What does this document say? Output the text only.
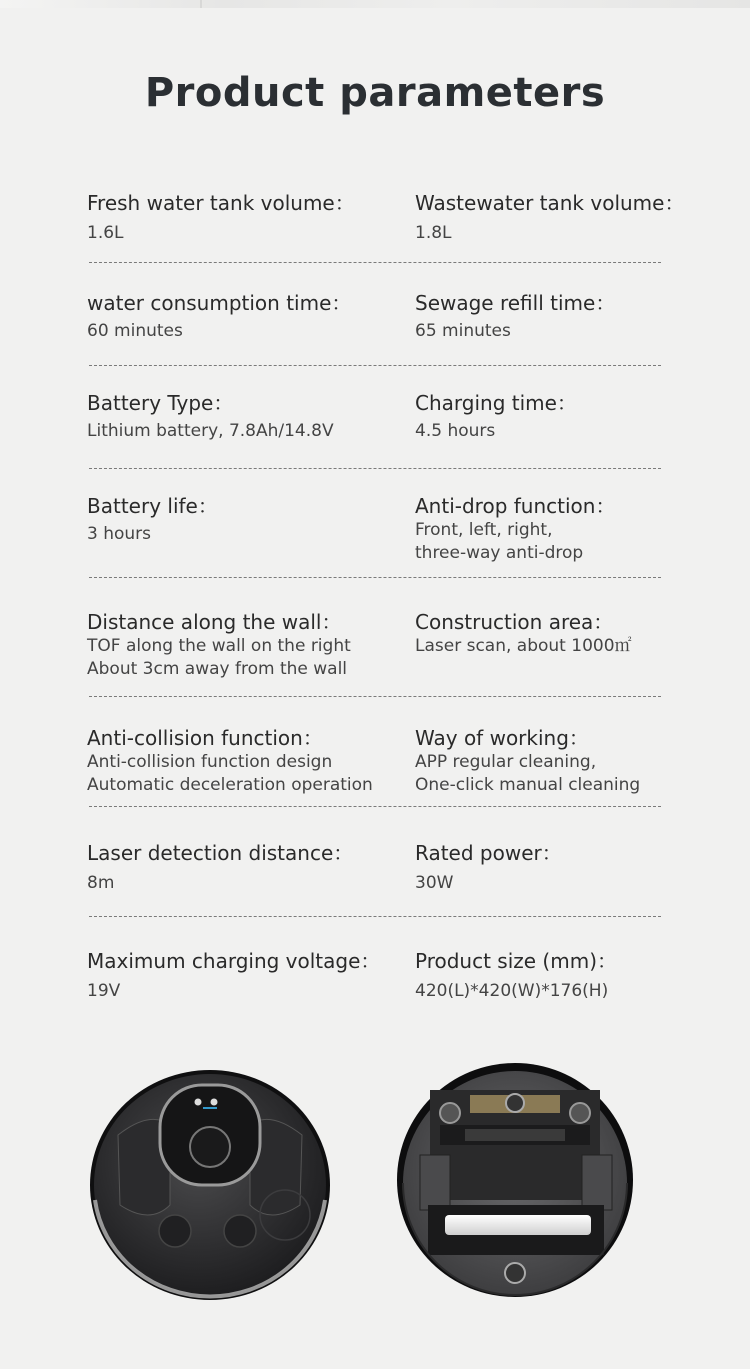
Product parameters
Fresh water tank volume：
1.6L
Wastewater tank volume：
1.8L
water consumption time：
60 minutes
Sewage refill time：
65 minutes
Battery Type：
Lithium battery, 7.8Ah/14.8V
Charging time：
4.5 hours
Battery life：
3 hours
Anti-drop function：
Front, left, right,
three-way anti-drop
Distance along the wall：
TOF along the wall on the right
About 3cm away from the wall
Construction area：
Laser scan, about 1000㎡
Anti-collision function：
Anti-collision function design
Automatic deceleration operation
Way of working：
APP regular cleaning,
One-click manual cleaning
Laser detection distance：
8m
Rated power：
30W
Maximum charging voltage：
19V
Product size (mm)：
420(L)*420(W)*176(H)
